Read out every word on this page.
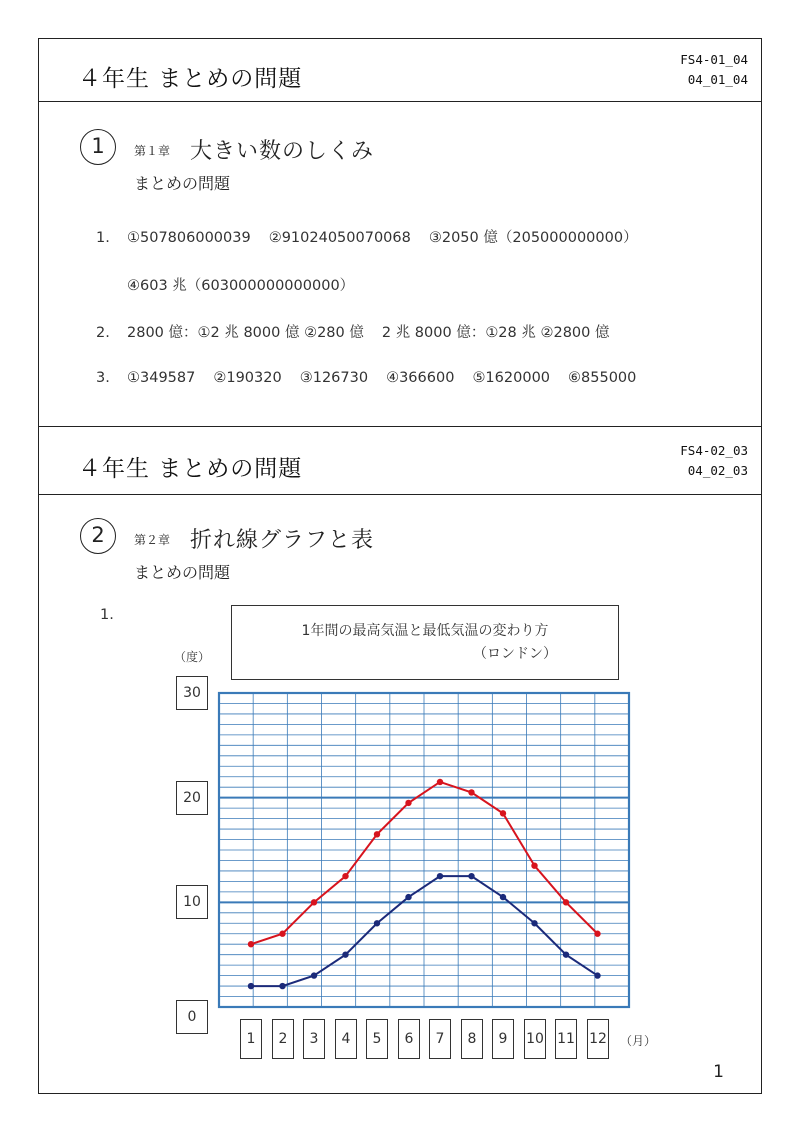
４年生 まとめの問題
FS4-01_04
04_01_04
1	第１章 大きい数のしくみ
まとめの問題
1. ①507806000039 ②91024050070068 ③2050 億（205000000000）
④603 兆（603000000000000）
2. 2800 億：①2 兆 8000 億 ②280 億 2 兆 8000 億：①28 兆 ②2800 億
3. ①349587 ②190320 ③126730 ④366600 ⑤1620000 ⑥855000
４年生 まとめの問題
FS4-02_03
04_02_03
2	第２章 折れ線グラフと表
まとめの問題
1.
1年間の最高気温と最低気温の変わり方
（ロンドン）
（度）
（月）
30
20
10
0
1	2	3	4	5	6	7	8	9	10 11 12
1
